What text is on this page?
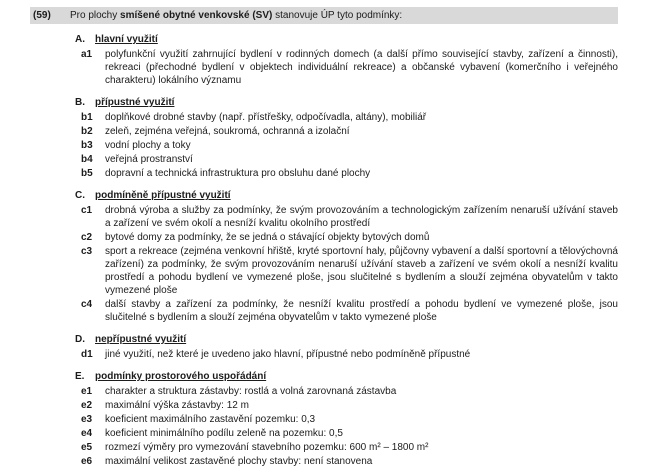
(59)	Pro plochy smíšené obytné venkovské (SV) stanovuje ÚP tyto podmínky:
A.	hlavní využití
a1	polyfunkční využití zahrnující bydlení v rodinných domech (a další přímo související stavby, zařízení a činnosti), rekreaci (přechodné bydlení v objektech individuální rekreace) a občanské vybavení (komerčního i veřejného charakteru) lokálního významu
B.	přípustné využití
b1	doplňkové drobné stavby (např. přístřešky, odpočívadla, altány), mobiliář
b2	zeleň, zejména veřejná, soukromá, ochranná a izolační
b3	vodní plochy a toky
b4	veřejná prostranství
b5	dopravní a technická infrastruktura pro obsluhu dané plochy
C.	podmíněně přípustné využití
c1	drobná výroba a služby za podmínky, že svým provozováním a technologickým zařízením nenaruší užívání staveb a zařízení ve svém okolí a nesníží kvalitu okolního prostředí
c2	bytové domy za podmínky, že se jedná o stávající objekty bytových domů
c3	sport a rekreace (zejména venkovní hřiště, kryté sportovní haly, půjčovny vybavení a další sportovní a tělovýchovná zařízení) za podmínky, že svým provozováním nenaruší užívání staveb a zařízení ve svém okolí a nesníží kvalitu prostředí a pohodu bydlení ve vymezené ploše, jsou slučitelné s bydlením a slouží zejména obyvatelům v takto vymezené ploše
c4	další stavby a zařízení za podmínky, že nesníží kvalitu prostředí a pohodu bydlení ve vymezené ploše, jsou slučitelné s bydlením a slouží zejména obyvatelům v takto vymezené ploše
D.	nepřípustné využití
d1	jiné využití, než které je uvedeno jako hlavní, přípustné nebo podmíněně přípustné
E.	podmínky prostorového uspořádání
e1	charakter a struktura zástavby: rostlá a volná zarovnaná zástavba
e2	maximální výška zástavby: 12 m
e3	koeficient maximálního zastavění pozemku: 0,3
e4	koeficient minimálního podílu zeleně na pozemku: 0,5
e5	rozmezí výměry pro vymezování stavebního pozemku: 600 m² – 1800 m²
e6	maximální velikost zastavěné plochy stavby: není stanovena
